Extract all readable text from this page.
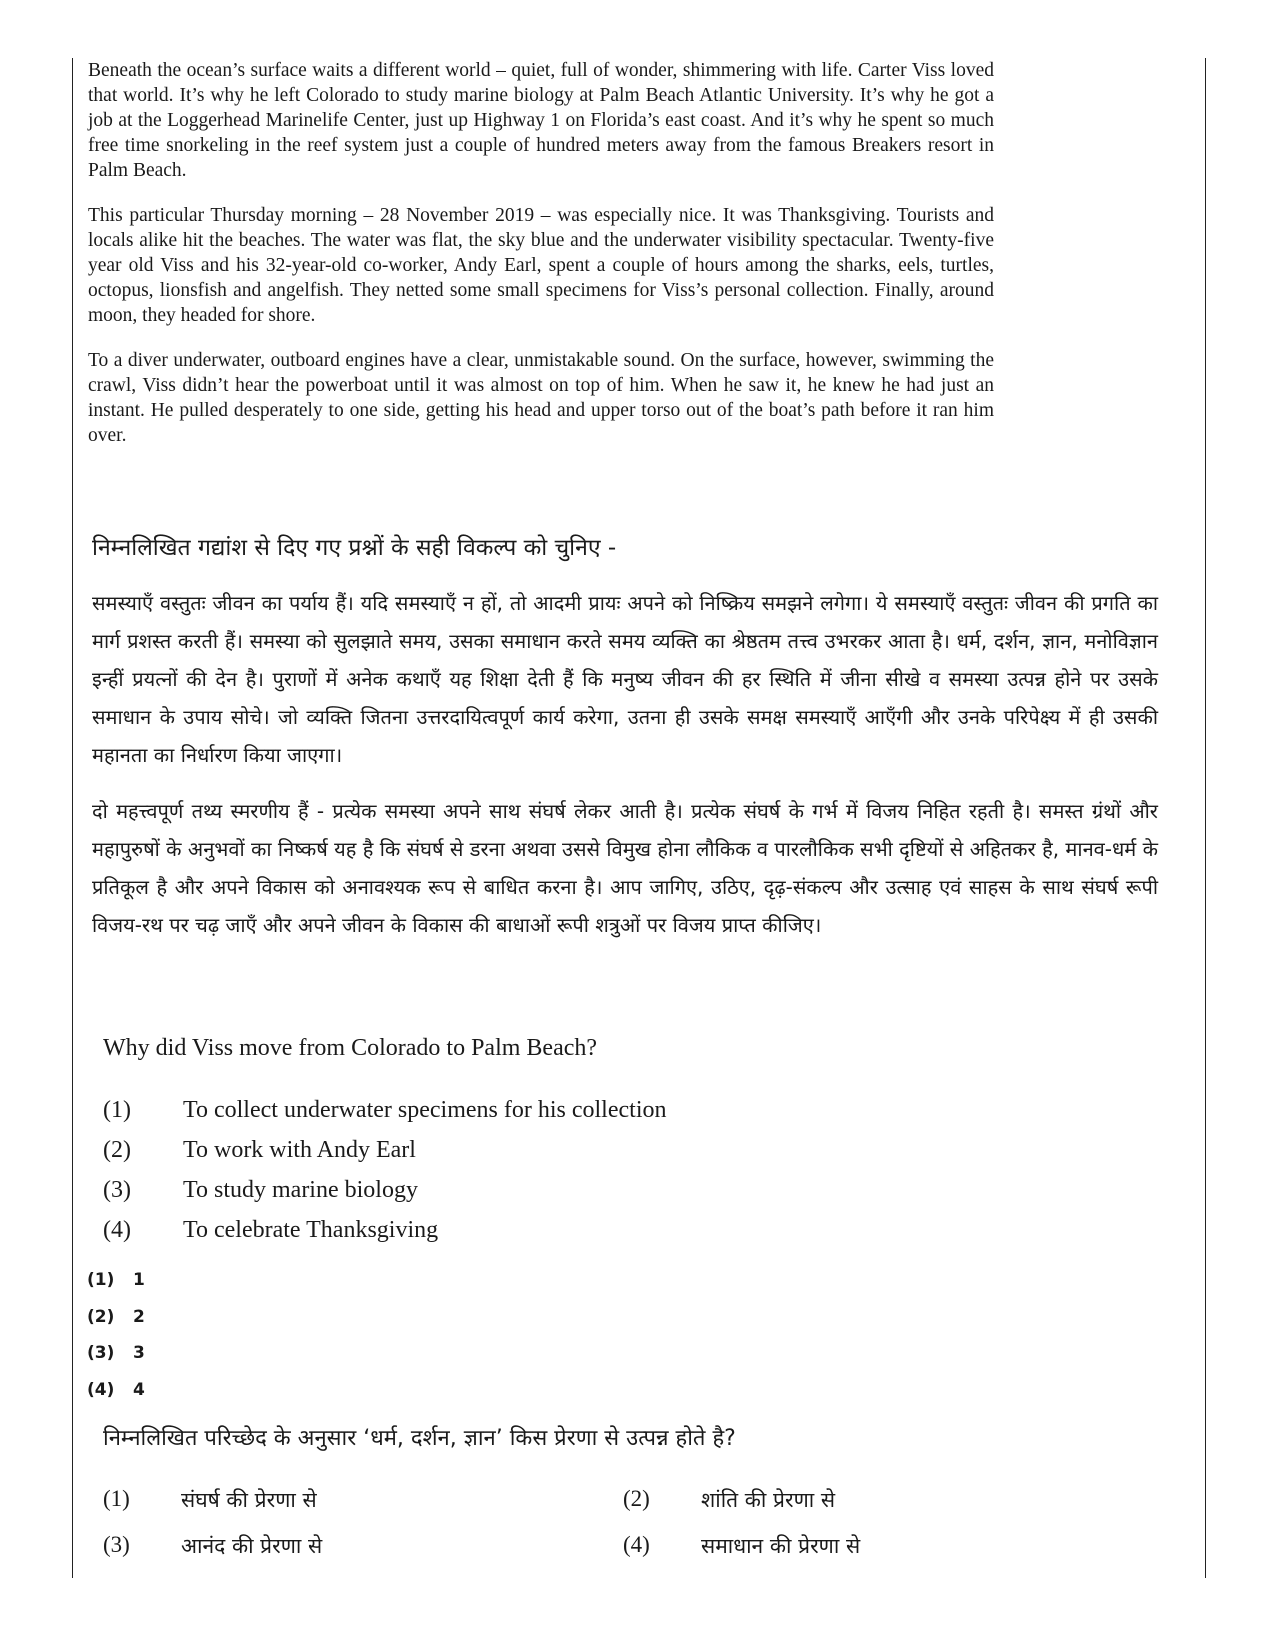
Beneath the ocean’s surface waits a different world – quiet, full of wonder, shimmering with life. Carter Viss loved that world. It’s why he left Colorado to study marine biology at Palm Beach Atlantic University. It’s why he got a job at the Loggerhead Marinelife Center, just up Highway 1 on Florida’s east coast. And it’s why he spent so much free time snorkeling in the reef system just a couple of hundred meters away from the famous Breakers resort in Palm Beach.

This particular Thursday morning – 28 November 2019 – was especially nice. It was Thanksgiving. Tourists and locals alike hit the beaches. The water was flat, the sky blue and the underwater visibility spectacular. Twenty-five year old Viss and his 32-year-old co-worker, Andy Earl, spent a couple of hours among the sharks, eels, turtles, octopus, lionsfish and angelfish. They netted some small specimens for Viss’s personal collection. Finally, around moon, they headed for shore.

To a diver underwater, outboard engines have a clear, unmistakable sound. On the surface, however, swimming the crawl, Viss didn’t hear the powerboat until it was almost on top of him. When he saw it, he knew he had just an instant. He pulled desperately to one side, getting his head and upper torso out of the boat’s path before it ran him over.

निम्नलिखित गद्यांश से दिए गए प्रश्नों के सही विकल्प को चुनिए -

समस्याएँ वस्तुतः जीवन का पर्याय हैं। यदि समस्याएँ न हों, तो आदमी प्रायः अपने को निष्क्रिय समझने लगेगा। ये समस्याएँ वस्तुतः जीवन की प्रगति का मार्ग प्रशस्त करती हैं। समस्या को सुलझाते समय, उसका समाधान करते समय व्यक्ति का श्रेष्ठतम तत्त्व उभरकर आता है। धर्म, दर्शन, ज्ञान, मनोविज्ञान इन्हीं प्रयत्नों की देन है। पुराणों में अनेक कथाएँ यह शिक्षा देती हैं कि मनुष्य जीवन की हर स्थिति में जीना सीखे व समस्या उत्पन्न होने पर उसके समाधान के उपाय सोचे। जो व्यक्ति जितना उत्तरदायित्वपूर्ण कार्य करेगा, उतना ही उसके समक्ष समस्याएँ आएँगी और उनके परिपेक्ष्य में ही उसकी महानता का निर्धारण किया जाएगा।

दो महत्त्वपूर्ण तथ्य स्मरणीय हैं - प्रत्येक समस्या अपने साथ संघर्ष लेकर आती है। प्रत्येक संघर्ष के गर्भ में विजय निहित रहती है। समस्त ग्रंथों और महापुरुषों के अनुभवों का निष्कर्ष यह है कि संघर्ष से डरना अथवा उससे विमुख होना लौकिक व पारलौकिक सभी दृष्टियों से अहितकर है, मानव-धर्म के प्रतिकूल है और अपने विकास को अनावश्यक रूप से बाधित करना है। आप जागिए, उठिए, दृढ़-संकल्प और उत्साह एवं साहस के साथ संघर्ष रूपी विजय-रथ पर चढ़ जाएँ और अपने जीवन के विकास की बाधाओं रूपी शत्रुओं पर विजय प्राप्त कीजिए।

Why did Viss move from Colorado to Palm Beach?
(1)	To collect underwater specimens for his collection
(2)	To work with Andy Earl
(3)	To study marine biology
(4)	To celebrate Thanksgiving
(1)	1
(2)	2
(3)	3
(4)	4
निम्नलिखित परिच्छेद के अनुसार ‘धर्म, दर्शन, ज्ञान’ किस प्रेरणा से उत्पन्न होते है?
(1)	संघर्ष की प्रेरणा से	(2)	शांति की प्रेरणा से
(3)	आनंद की प्रेरणा से	(4)	समाधान की प्रेरणा से
